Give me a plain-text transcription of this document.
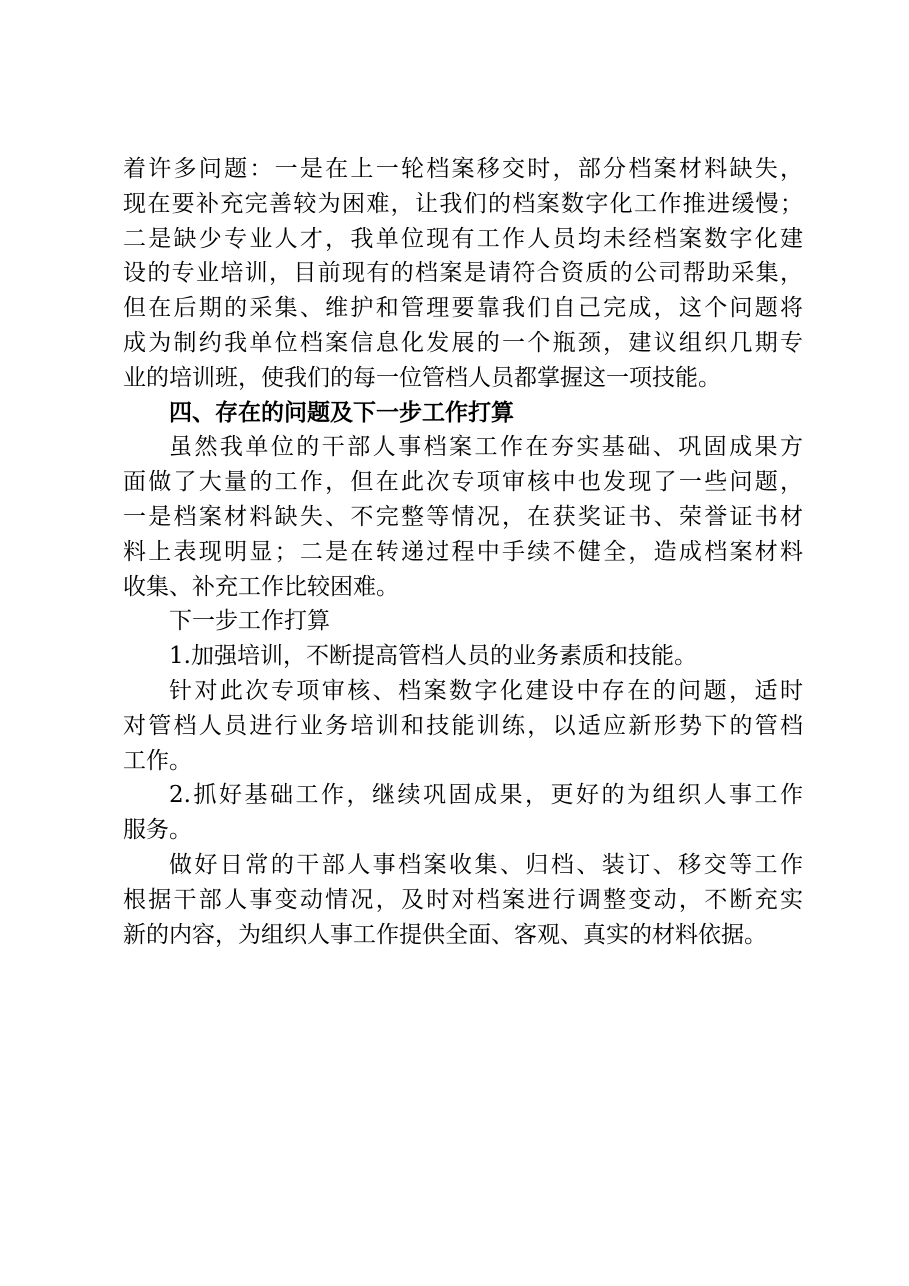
着许多问题：一是在上一轮档案移交时，部分档案材料缺失，
现在要补充完善较为困难，让我们的档案数字化工作推进缓慢；
二是缺少专业人才，我单位现有工作人员均未经档案数字化建
设的专业培训，目前现有的档案是请符合资质的公司帮助采集，
但在后期的采集、维护和管理要靠我们自己完成，这个问题将
成为制约我单位档案信息化发展的一个瓶颈，建议组织几期专
业的培训班，使我们的每一位管档人员都掌握这一项技能。
四、存在的问题及下一步工作打算
虽然我单位的干部人事档案工作在夯实基础、巩固成果方
面做了大量的工作，但在此次专项审核中也发现了一些问题，
一是档案材料缺失、不完整等情况，在获奖证书、荣誉证书材
料上表现明显；二是在转递过程中手续不健全，造成档案材料
收集、补充工作比较困难。
下一步工作打算
1.加强培训，不断提高管档人员的业务素质和技能。
针对此次专项审核、档案数字化建设中存在的问题，适时
对管档人员进行业务培训和技能训练，以适应新形势下的管档
工作。
2.抓好基础工作，继续巩固成果，更好的为组织人事工作
服务。
做好日常的干部人事档案收集、归档、装订、移交等工作
根据干部人事变动情况，及时对档案进行调整变动，不断充实
新的内容，为组织人事工作提供全面、客观、真实的材料依据。
